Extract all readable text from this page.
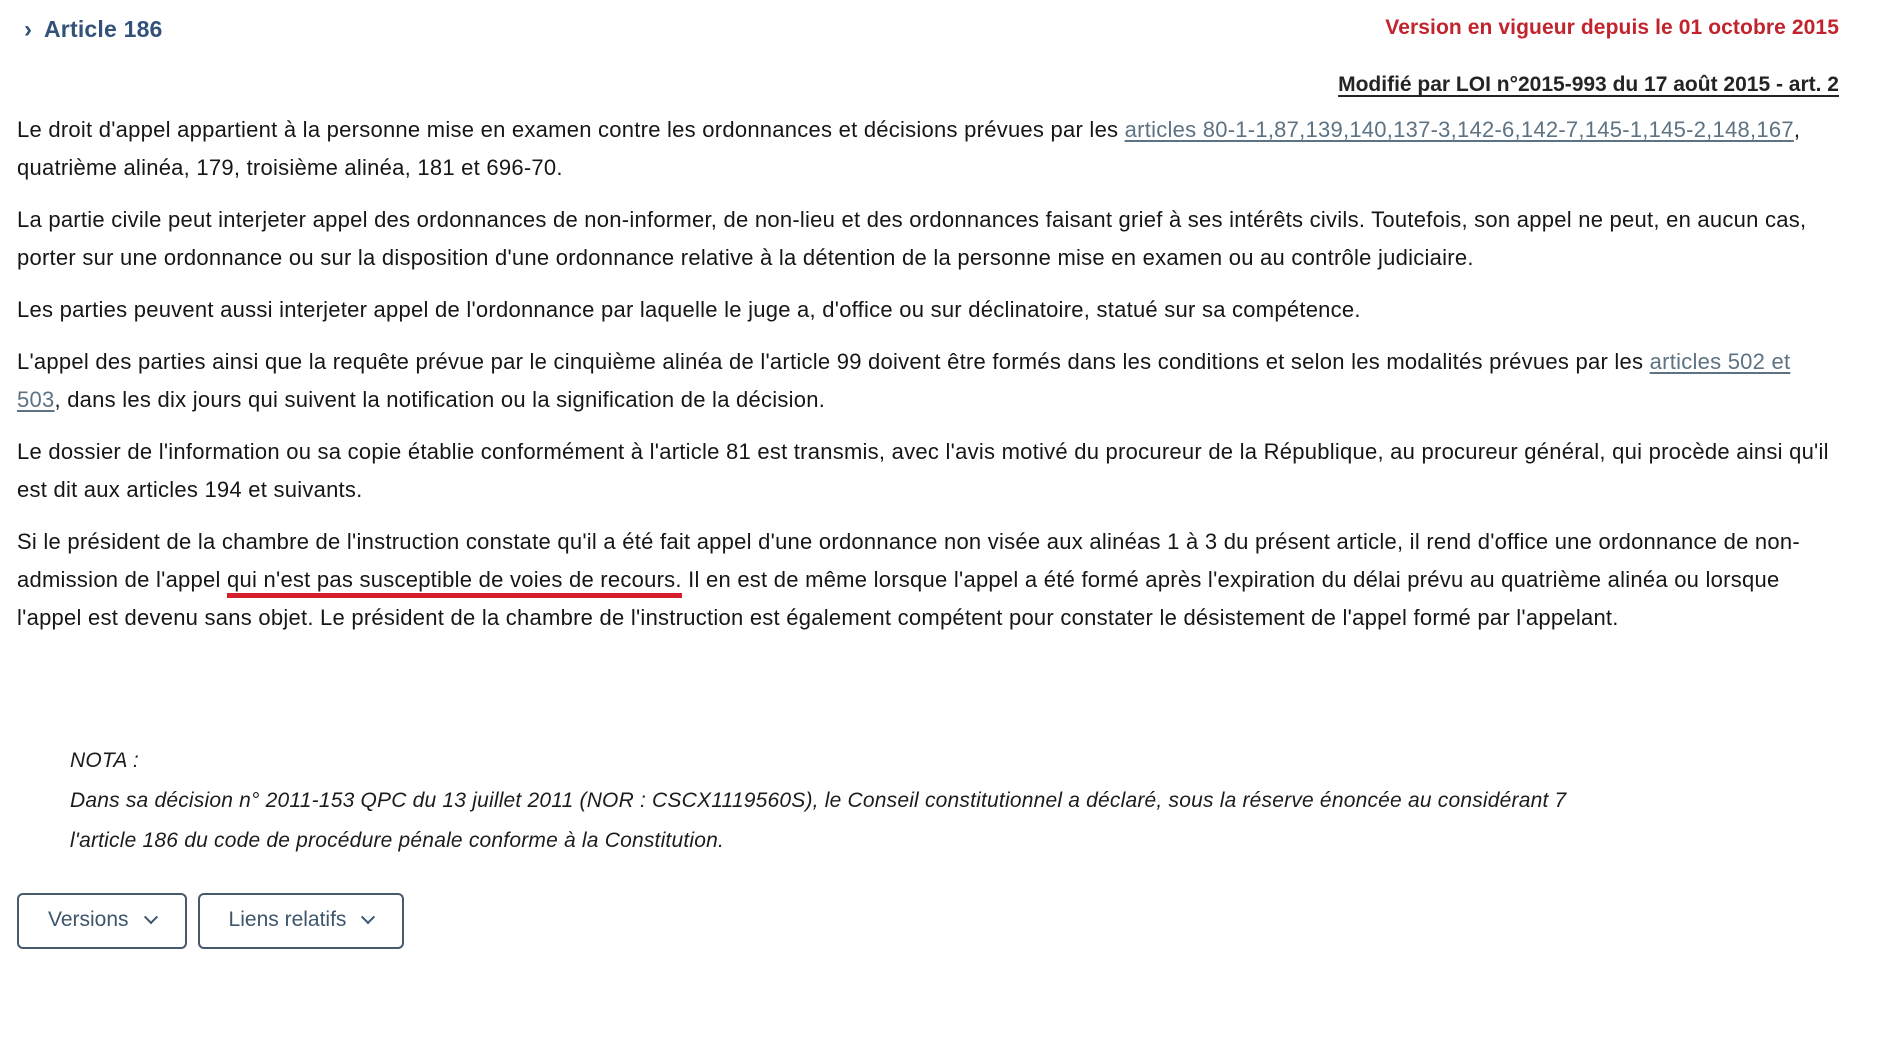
› Article 186	Version en vigueur depuis le 01 octobre 2015

Modifié par LOI n°2015-993 du 17 août 2015 - art. 2

Le droit d'appel appartient à la personne mise en examen contre les ordonnances et décisions prévues par les articles 80-1-1,87,139,140,137-3,142-6,142-7,145-1,145-2,148,167, quatrième alinéa, 179, troisième alinéa, 181 et 696-70.

La partie civile peut interjeter appel des ordonnances de non-informer, de non-lieu et des ordonnances faisant grief à ses intérêts civils. Toutefois, son appel ne peut, en aucun cas, porter sur une ordonnance ou sur la disposition d'une ordonnance relative à la détention de la personne mise en examen ou au contrôle judiciaire.

Les parties peuvent aussi interjeter appel de l'ordonnance par laquelle le juge a, d'office ou sur déclinatoire, statué sur sa compétence.

L'appel des parties ainsi que la requête prévue par le cinquième alinéa de l'article 99 doivent être formés dans les conditions et selon les modalités prévues par les articles 502 et 503, dans les dix jours qui suivent la notification ou la signification de la décision.

Le dossier de l'information ou sa copie établie conformément à l'article 81 est transmis, avec l'avis motivé du procureur de la République, au procureur général, qui procède ainsi qu'il est dit aux articles 194 et suivants.

Si le président de la chambre de l'instruction constate qu'il a été fait appel d'une ordonnance non visée aux alinéas 1 à 3 du présent article, il rend d'office une ordonnance de non-admission de l'appel qui n'est pas susceptible de voies de recours. Il en est de même lorsque l'appel a été formé après l'expiration du délai prévu au quatrième alinéa ou lorsque l'appel est devenu sans objet. Le président de la chambre de l'instruction est également compétent pour constater le désistement de l'appel formé par l'appelant.

NOTA :
Dans sa décision n° 2011-153 QPC du 13 juillet 2011 (NOR : CSCX1119560S), le Conseil constitutionnel a déclaré, sous la réserve énoncée au considérant 7
l'article 186 du code de procédure pénale conforme à la Constitution.
Versions	Liens relatifs
